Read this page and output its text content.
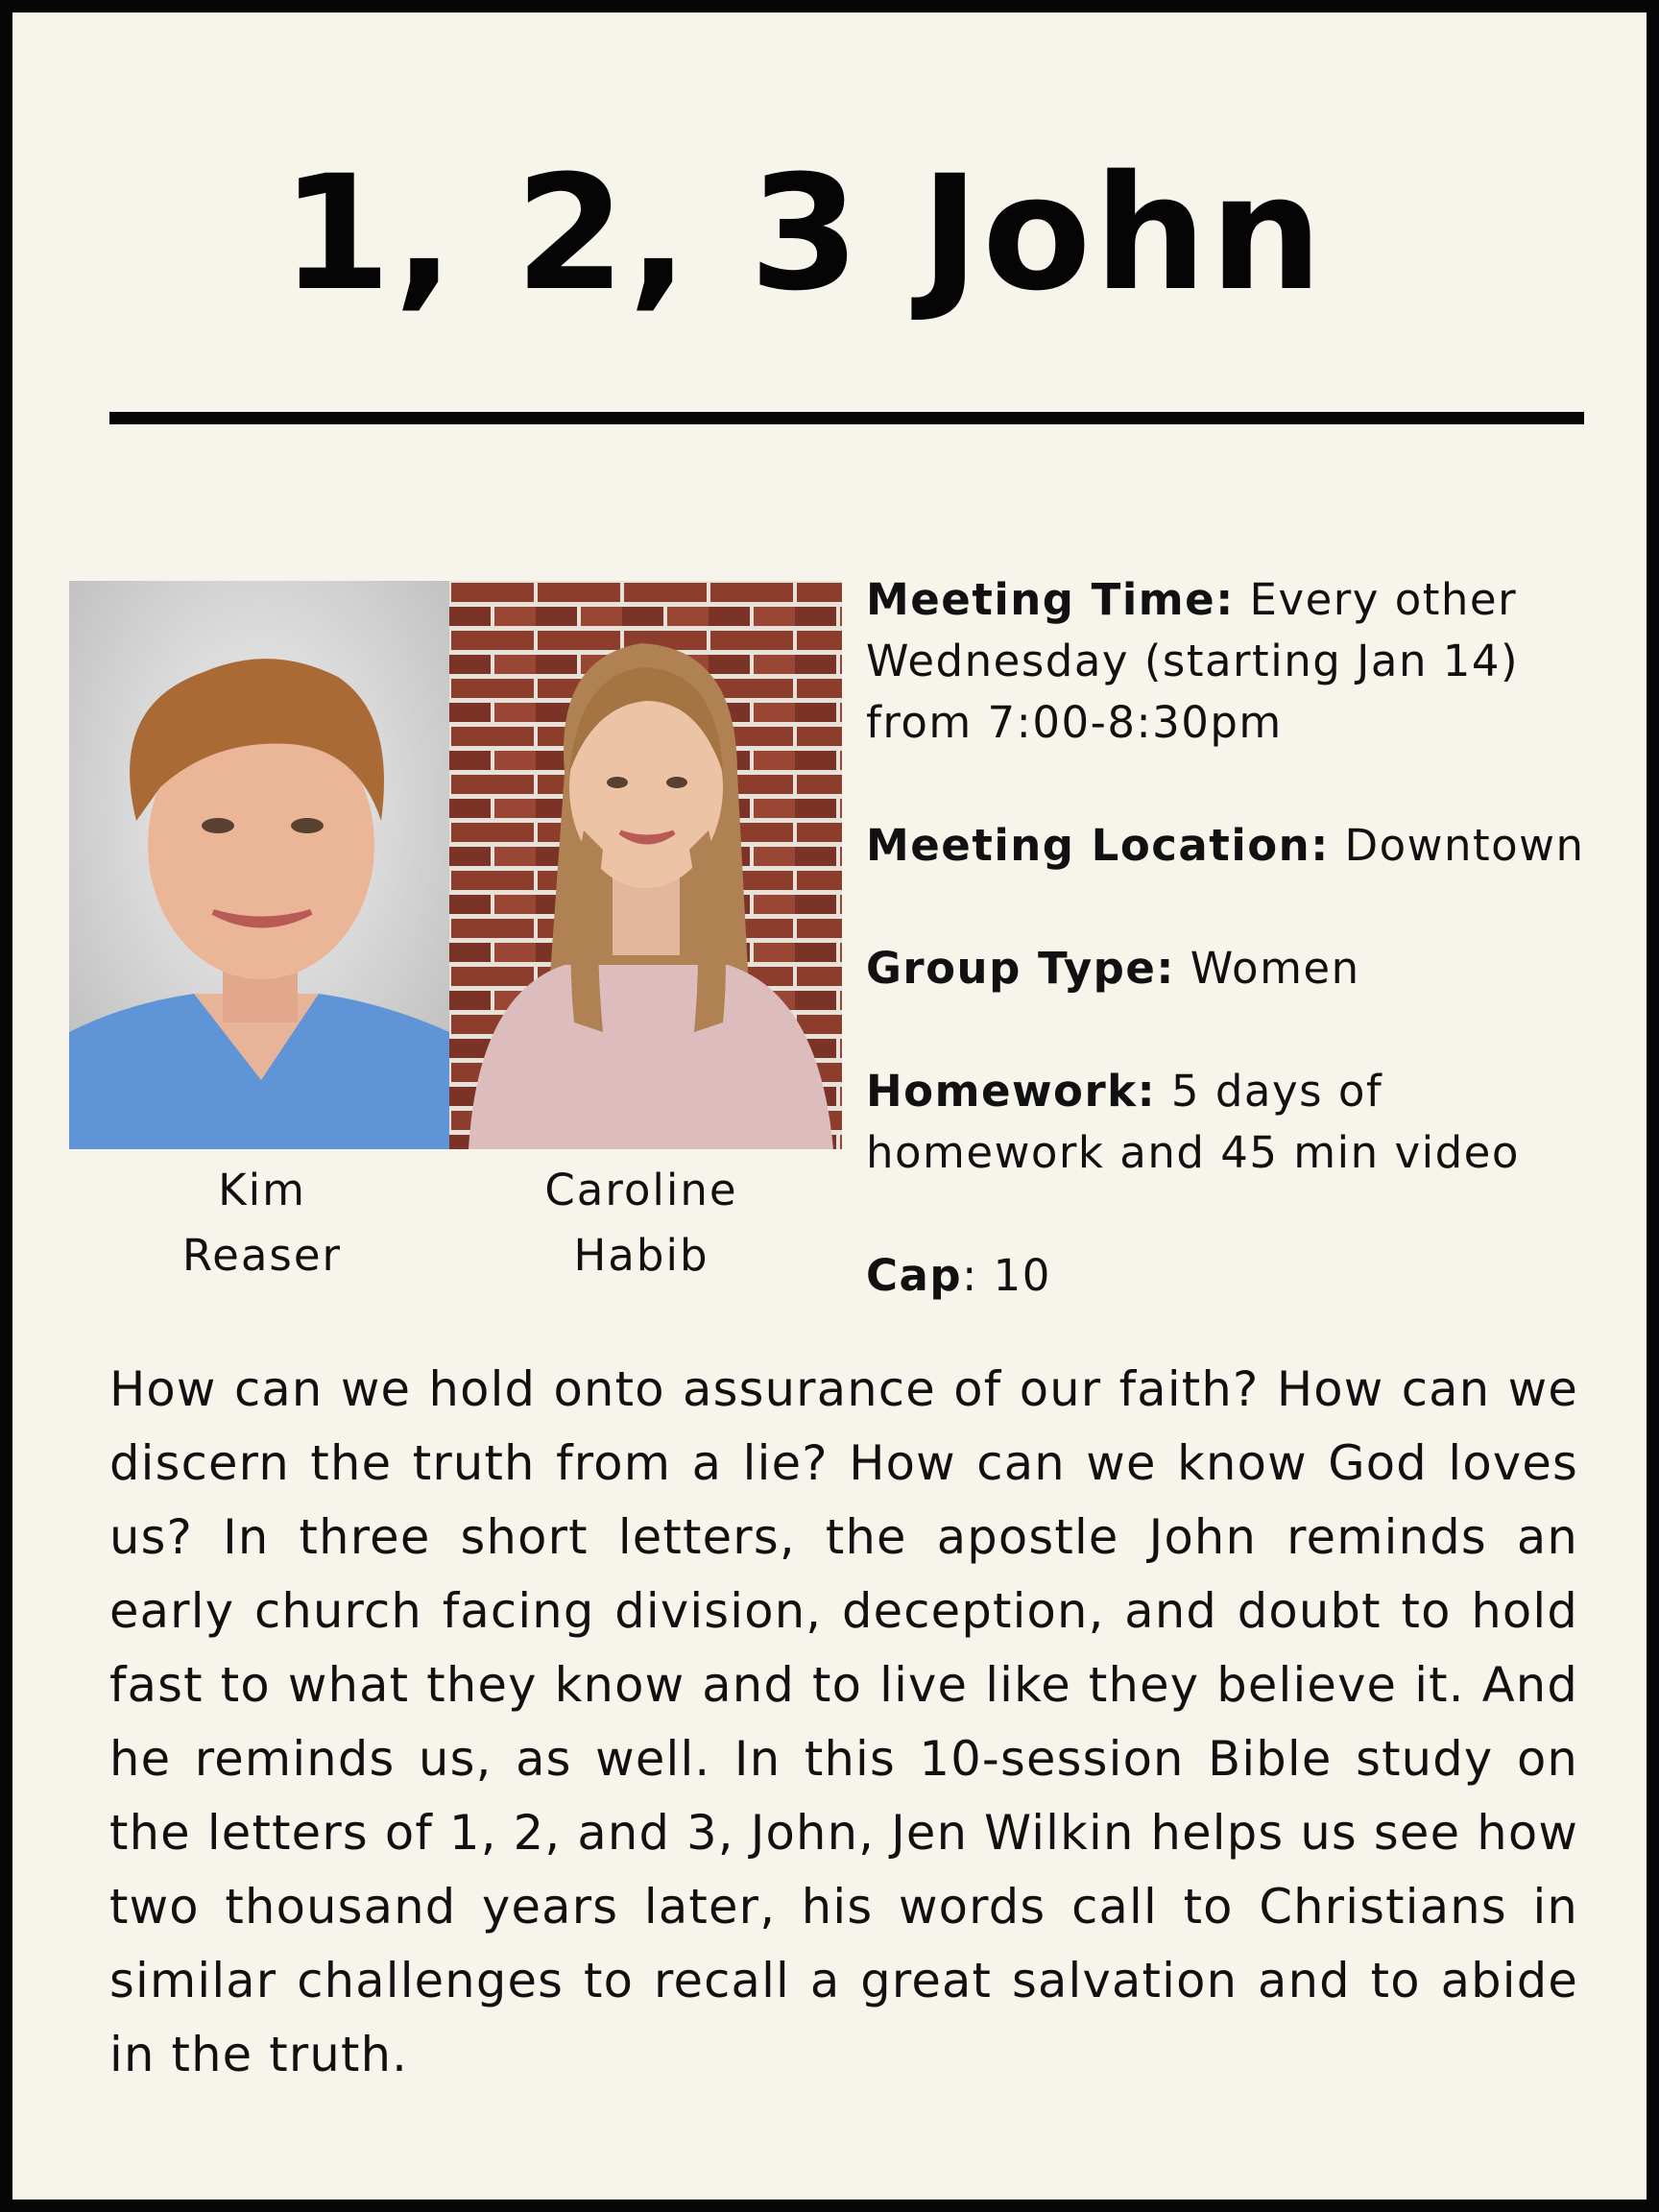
1, 2, 3 John
Kim
Reaser
Caroline
Habib

Meeting Time: Every other Wednesday (starting Jan 14) from 7:00-8:30pm

Meeting Location: Downtown

Group Type: Women

Homework: 5 days of homework and 45 min video

Cap: 10

How can we hold onto assurance of our faith? How can we discern the truth from a lie? How can we know God loves us? In three short letters, the apostle John reminds an early church facing division, deception, and doubt to hold fast to what they know and to live like they believe it. And he reminds us, as well. In this 10-session Bible study on the letters of 1, 2, and 3, John, Jen Wilkin helps us see how two thousand years later, his words call to Christians in similar challenges to recall a great salvation and to abide in the truth.
